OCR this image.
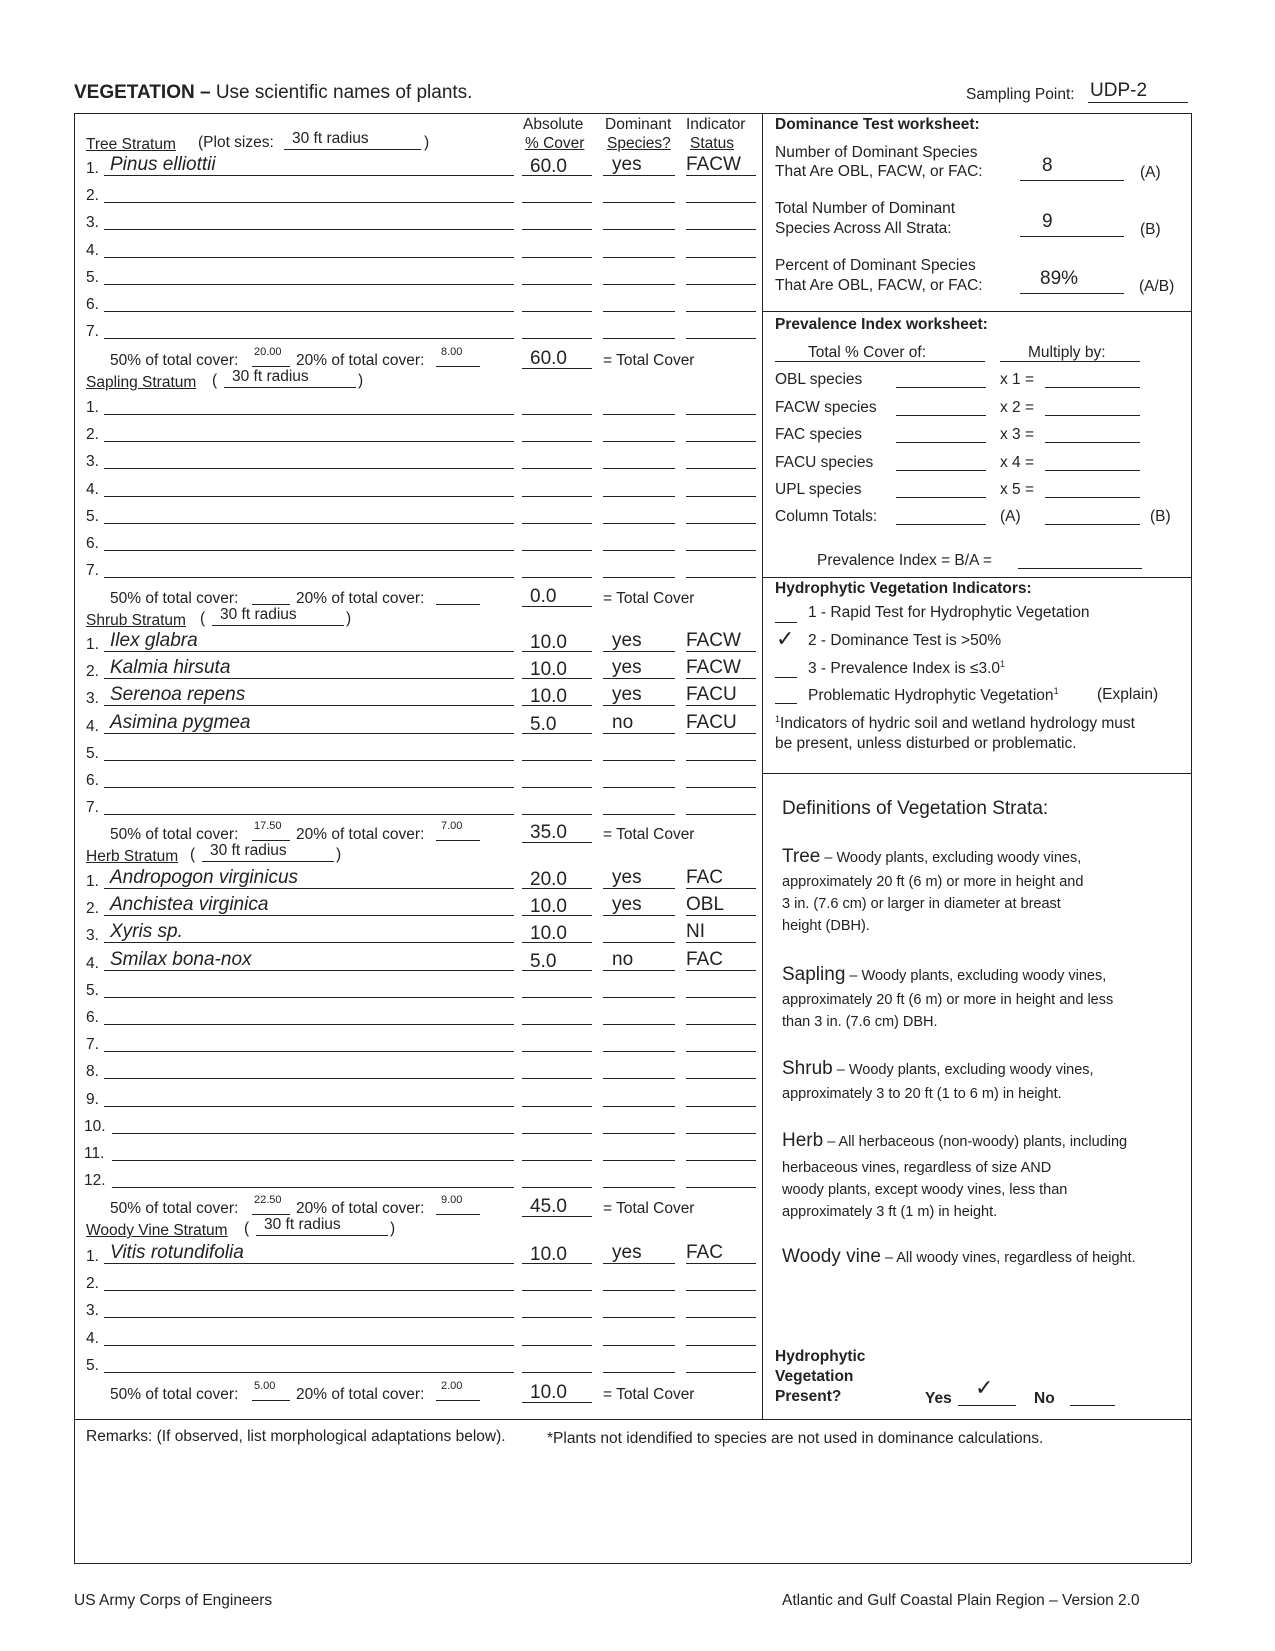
VEGETATION – Use scientific names of plants.	Sampling Point: UDP-2
Absolute
% Cover
Dominant
Species?
Indicator
Status
Tree Stratum (Plot sizes: 30 ft radius	)
1. Pinus elliottii	60.0 yes FACW
2.
3.
4.
5.
6.
7.
50% of total cover: 20.00 20% of total cover: 8.00	60.0 = Total Cover
Sapling Stratum ( 30 ft radius	)
1.
2.
3.
4.
5.
6.
7.
50% of total cover:	20% of total cover:	0.0	= Total Cover
Shrub Stratum ( 30 ft radius	)
1. Ilex glabra	10.0 yes FACW
2. Kalmia hirsuta	10.0 yes FACW
3. Serenoa repens	10.0 yes FACU
4. Asimina pygmea	5.0	no	FACU
5.
6.
7.
50% of total cover: 17.50 20% of total cover: 7.00	35.0 = Total Cover
Herb Stratum ( 30 ft radius	)
1. Andropogon virginicus	20.0 yes FAC
2. Anchistea virginica	10.0 yes OBL
3. Xyris sp.	10.0	NI
4. Smilax bona-nox	5.0	no	FAC
5.
6.
7.
8.
9.
10.
11.
12.
50% of total cover: 22.50 20% of total cover: 9.00	45.0 = Total Cover
Woody Vine Stratum ( 30 ft radius	)
1. Vitis rotundifolia	10.0 yes FAC
2.
3.
4.
5.
50% of total cover: 5.00 20% of total cover: 2.00	10.0 = Total Cover
Dominance Test worksheet:
Number of Dominant Species
That Are OBL, FACW, or FAC:	8	(A)
Total Number of Dominant
Species Across All Strata:	9	(B)
Percent of Dominant Species
That Are OBL, FACW, or FAC:	89%	(A/B)
Prevalence Index worksheet:
Total % Cover of:	Multiply by:
OBL species	x 1 =
FACW species	x 2 =
FAC species	x 3 =
FACU species	x 4 =
UPL species	x 5 =
Column Totals:	(A)	(B)
Prevalence Index = B/A =
Hydrophytic Vegetation Indicators:
1 - Rapid Test for Hydrophytic Vegetation
✓ 2 - Dominance Test is >50%
3 - Prevalence Index is $\le 3.0^1$
Problematic Hydrophytic Vegetation$^1$ (Explain)
$^1$Indicators of hydric soil and wetland hydrology must
be present, unless disturbed or problematic.
Definitions of Vegetation Strata:
Tree – Woody plants, excluding woody vines,
approximately 20 ft (6 m) or more in height and
3 in. (7.6 cm) or larger in diameter at breast
height (DBH).
Sapling – Woody plants, excluding woody vines,
approximately 20 ft (6 m) or more in height and less
than 3 in. (7.6 cm) DBH.
Shrub – Woody plants, excluding woody vines,
approximately 3 to 20 ft (1 to 6 m) in height.
Herb – All herbaceous (non-woody) plants, including
herbaceous vines, regardless of size AND
woody plants, except woody vines, less than
approximately 3 ft (1 m) in height.
Woody vine – All woody vines, regardless of height.
Hydrophytic
Vegetation
Present?	Yes ✓	No
Remarks: (If observed, list morphological adaptations below).	*Plants not idendified to species are not used in dominance calculations.
US Army Corps of Engineers	Atlantic and Gulf Coastal Plain Region – Version 2.0
